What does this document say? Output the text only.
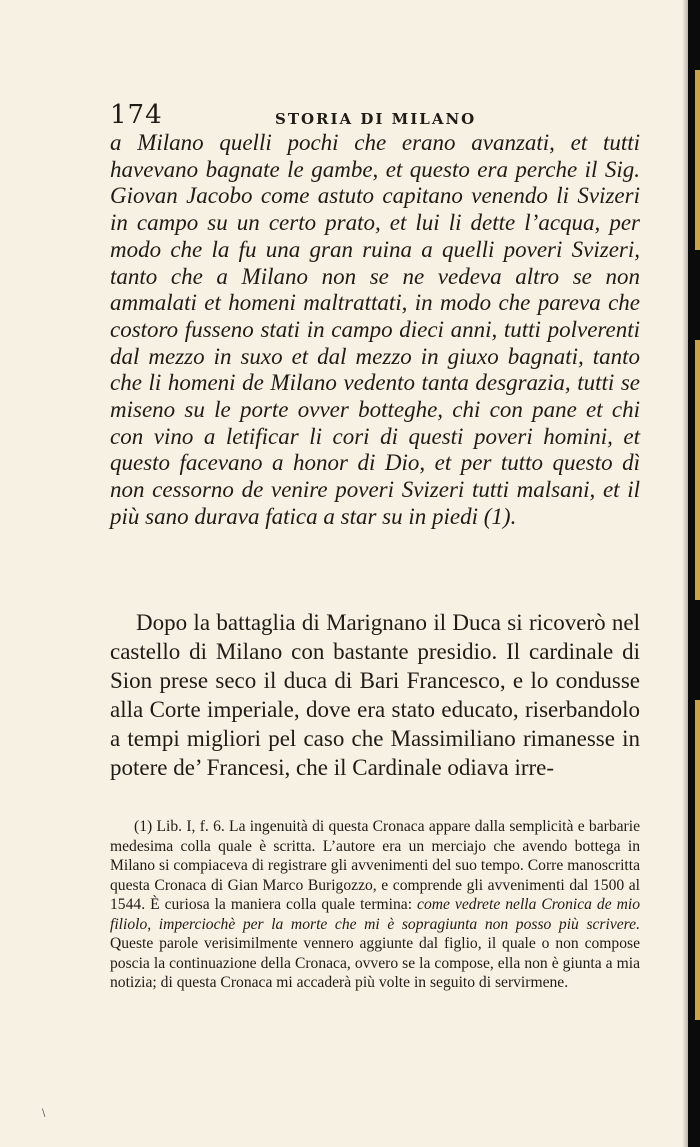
174	STORIA DI MILANO

a Milano quelli pochi che erano avanzati, et tutti havevano bagnate le gambe, et questo era perche il Sig. Giovan Jacobo come astuto capitano venendo li Svizeri in campo su un certo prato, et lui li dette l’acqua, per modo che la fu una gran ruina a quelli poveri Svizeri, tanto che a Milano non se ne vedeva altro se non ammalati et homeni maltrattati, in modo che pareva che costoro fusseno stati in campo dieci anni, tutti polverenti dal mezzo in suxo et dal mezzo in giuxo bagnati, tanto che li homeni de Milano vedento tanta desgrazia, tutti se miseno su le porte ovver botteghe, chi con pane et chi con vino a letificar li cori di questi poveri homini, et questo facevano a honor di Dio, et per tutto questo dì non cessorno de venire poveri Svizeri tutti malsani, et il più sano durava fatica a star su in piedi (1).

Dopo la battaglia di Marignano il Duca si ricoverò nel castello di Milano con bastante presidio. Il cardinale di Sion prese seco il duca di Bari Francesco, e lo condusse alla Corte imperiale, dove era stato educato, riserbandolo a tempi migliori pel caso che Massimiliano rimanesse in potere de’ Francesi, che il Cardinale odiava irre-

(1) Lib. I, f. 6. La ingenuità di questa Cronaca appare dalla semplicità e barbarie medesima colla quale è scritta. L’autore era un merciajo che avendo bottega in Milano si compiaceva di registrare gli avvenimenti del suo tempo. Corre manoscritta questa Cronaca di Gian Marco Burigozzo, e comprende gli avvenimenti dal 1500 al 1544. È curiosa la maniera colla quale termina: come vedrete nella Cronica de mio filiolo, imperciochè per la morte che mi è sopragiunta non posso più scrivere. Queste parole verisimilmente vennero aggiunte dal figlio, il quale o non compose poscia la continuazione della Cronaca, ovvero se la compose, ella non è giunta a mia notizia; di questa Cronaca mi accaderà più volte in seguito di servirmene.

\
